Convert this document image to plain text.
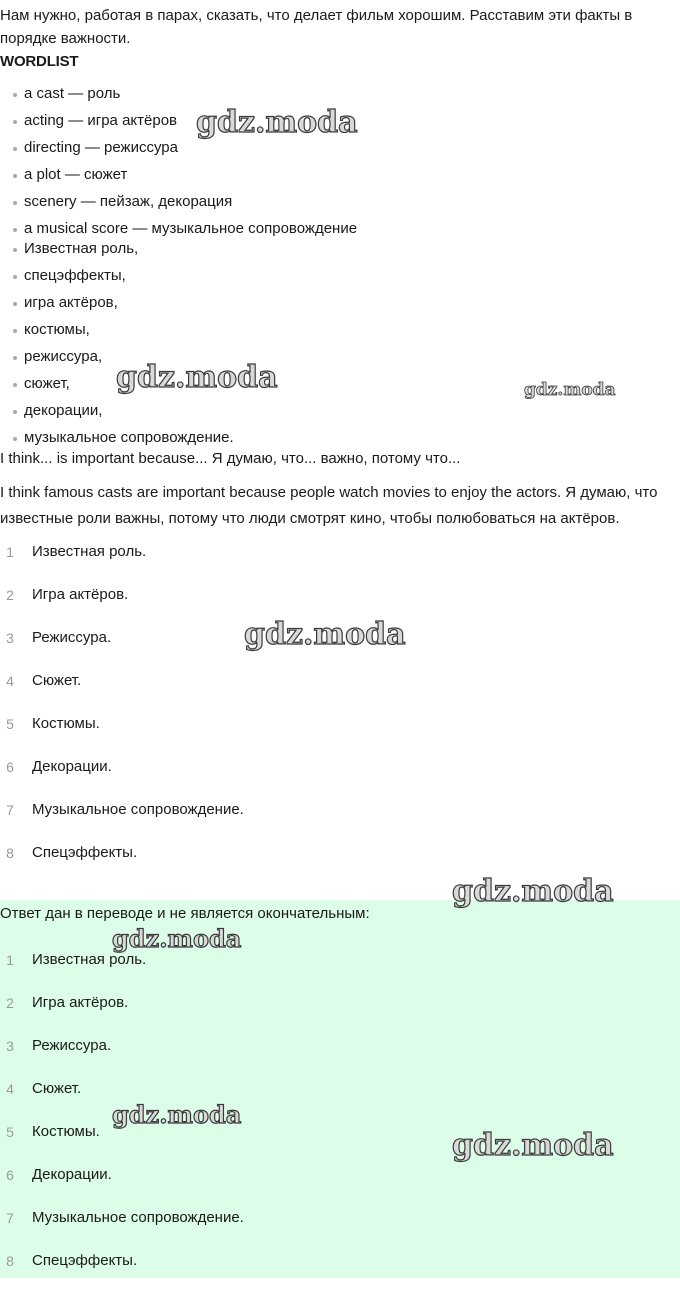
Нам нужно, работая в парах, сказать, что делает фильм хорошим. Расставим эти факты в порядке важности.

WORDLIST
a cast — роль
acting — игра актёров
directing — режиссура
a plot — сюжет
scenery — пейзаж, декорация
a musical score — музыкальное сопровождение
Известная роль,
спецэффекты,
игра актёров,
костюмы,
режиссура,
сюжет,
декорации,
музыкальное сопровождение.

I think... is important because... Я думаю, что... важно, потому что...

I think famous casts are important because people watch movies to enjoy the actors. Я думаю, что известные роли важны, потому что люди смотрят кино, чтобы полюбоваться на актёров.

1	Известная роль.
2	Игра актёров.
3	Режиссура.
4	Сюжет.
5	Костюмы.
6	Декорации.
7	Музыкальное сопровождение.
8	Спецэффекты.

Ответ дан в переводе и не является окончательным:

1	Известная роль.
2	Игра актёров.
3	Режиссура.
4	Сюжет.
5	Костюмы.
6	Декорации.
7	Музыкальное сопровождение.
8	Спецэффекты.
gdz.moda
gdz.moda	gdz.moda
gdz.moda
gdz.moda
gdz.moda
gdz.moda
gdz.moda
